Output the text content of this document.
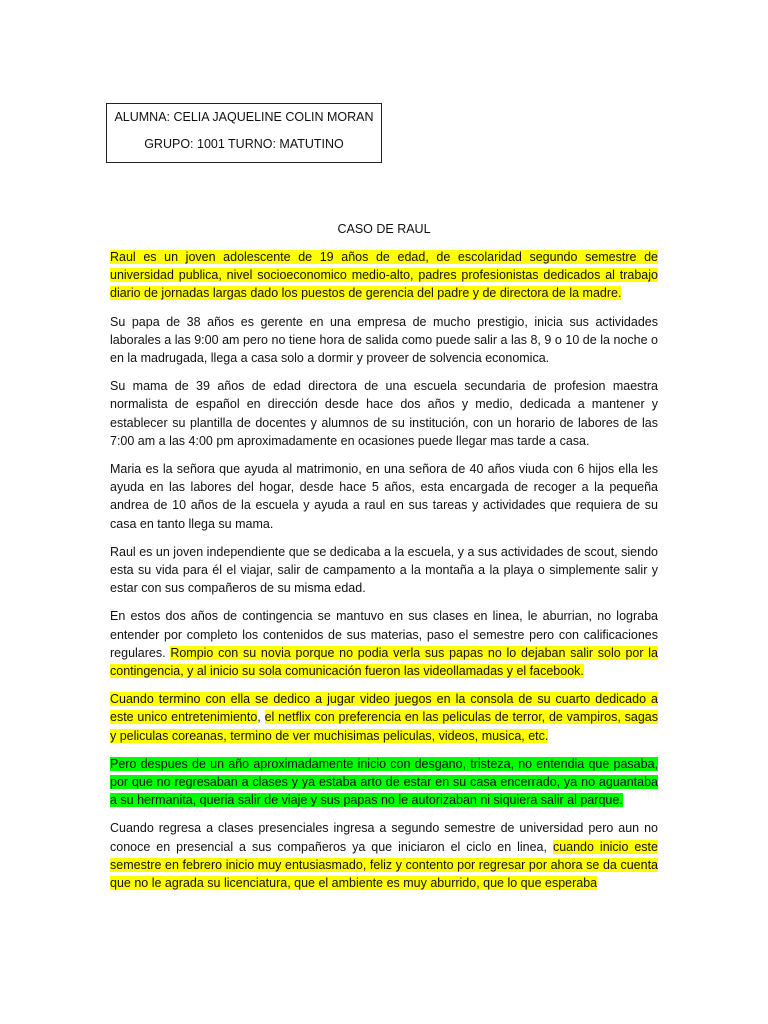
ALUMNA: CELIA JAQUELINE COLIN MORAN
GRUPO: 1001 TURNO: MATUTINO
CASO DE RAUL

Raul es un joven adolescente de 19 años de edad, de escolaridad segundo semestre de universidad publica, nivel socioeconomico medio-alto, padres profesionistas dedicados al trabajo diario de jornadas largas dado los puestos de gerencia del padre y de directora de la madre.

Su papa de 38 años es gerente en una empresa de mucho prestigio, inicia sus actividades laborales a las 9:00 am pero no tiene hora de salida como puede salir a las 8, 9 o 10 de la noche o en la madrugada, llega a casa solo a dormir y proveer de solvencia economica.

Su mama de 39 años de edad directora de una escuela secundaria de profesion maestra normalista de español en dirección desde hace dos años y medio, dedicada a mantener y establecer su plantilla de docentes y alumnos de su institución, con un horario de labores de las 7:00 am a las 4:00 pm aproximadamente en ocasiones puede llegar mas tarde a casa.

Maria es la señora que ayuda al matrimonio, en una señora de 40 años viuda con 6 hijos ella les ayuda en las labores del hogar, desde hace 5 años, esta encargada de recoger a la pequeña andrea de 10 años de la escuela y ayuda a raul en sus tareas y actividades que requiera de su casa en tanto llega su mama.

Raul es un joven independiente que se dedicaba a la escuela, y a sus actividades de scout, siendo esta su vida para él el viajar, salir de campamento a la montaña a la playa o simplemente salir y estar con sus compañeros de su misma edad.

En estos dos años de contingencia se mantuvo en sus clases en linea, le aburrian, no lograba entender por completo los contenidos de sus materias, paso el semestre pero con calificaciones regulares. Rompio con su novia porque no podia verla sus papas no lo dejaban salir solo por la contingencia, y al inicio su sola comunicación fueron las videollamadas y el facebook.

Cuando termino con ella se dedico a jugar video juegos en la consola de su cuarto dedicado a este unico entretenimiento, el netflix con preferencia en las peliculas de terror, de vampiros, sagas y peliculas coreanas, termino de ver muchisimas peliculas, videos, musica, etc.

Pero despues de un año aproximadamente inicio con desgano, tristeza, no entendia que pasaba, por que no regresaban a clases y ya estaba arto de estar en su casa encerrado, ya no aguantaba a su hermanita, queria salir de viaje y sus papas no le autorizaban ni siquiera salir al parque.

Cuando regresa a clases presenciales ingresa a segundo semestre de universidad pero aun no conoce en presencial a sus compañeros ya que iniciaron el ciclo en linea, cuando inicio este semestre en febrero inicio muy entusiasmado, feliz y contento por regresar por ahora se da cuenta que no le agrada su licenciatura, que el ambiente es muy aburrido, que lo que esperaba
